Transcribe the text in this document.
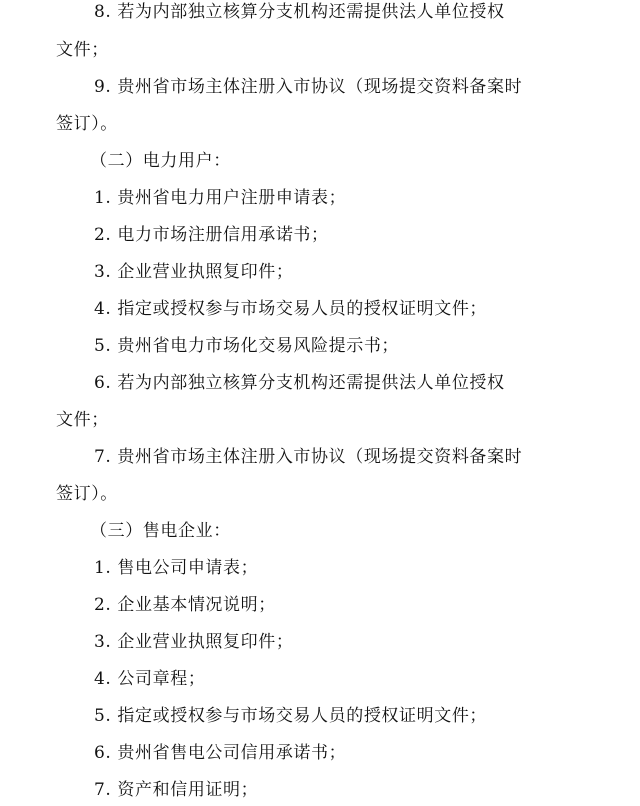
8. 若为内部独立核算分支机构还需提供法人单位授权
文件；
9. 贵州省市场主体注册入市协议（现场提交资料备案时
签订）。
（二）电力用户：
1. 贵州省电力用户注册申请表；
2. 电力市场注册信用承诺书；
3. 企业营业执照复印件；
4. 指定或授权参与市场交易人员的授权证明文件；
5. 贵州省电力市场化交易风险提示书；
6. 若为内部独立核算分支机构还需提供法人单位授权
文件；
7. 贵州省市场主体注册入市协议（现场提交资料备案时
签订）。
（三）售电企业：
1. 售电公司申请表；
2. 企业基本情况说明；
3. 企业营业执照复印件；
4. 公司章程；
5. 指定或授权参与市场交易人员的授权证明文件；
6. 贵州省售电公司信用承诺书；
7. 资产和信用证明；
